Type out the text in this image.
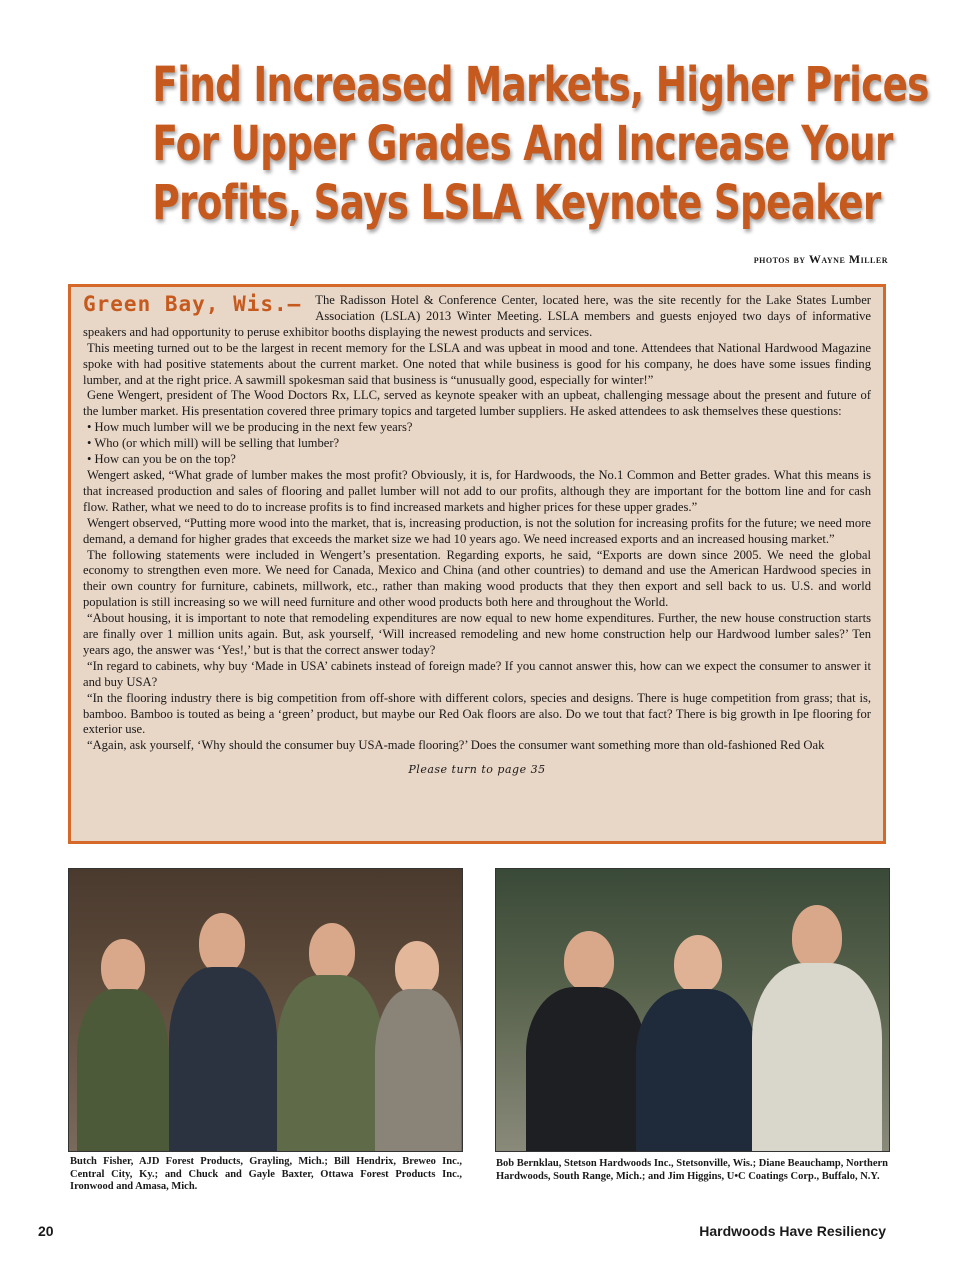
Find Increased Markets, Higher Prices
For Upper Grades And Increase Your
Profits, Says LSLA Keynote Speaker
photos by Wayne Miller
Green Bay, Wis.–	The Radisson Hotel & Conference Center, located here, was the site recently for the Lake States Lumber Association (LSLA) 2013 Winter Meeting. LSLA members and guests enjoyed two days of informative speakers and had opportunity to peruse exhibitor booths displaying the newest products and services.

This meeting turned out to be the largest in recent memory for the LSLA and was upbeat in mood and tone. Attendees that National Hardwood Magazine spoke with had positive statements about the current market. One noted that while business is good for his company, he does have some issues finding lumber, and at the right price. A sawmill spokesman said that business is “unusually good, especially for winter!”

Gene Wengert, president of The Wood Doctors Rx, LLC, served as keynote speaker with an upbeat, challenging message about the present and future of the lumber market. His presentation covered three primary topics and targeted lumber suppliers. He asked attendees to ask themselves these questions:

• How much lumber will we be producing in the next few years?

• Who (or which mill) will be selling that lumber?

• How can you be on the top?

Wengert asked, “What grade of lumber makes the most profit? Obviously, it is, for Hardwoods, the No.1 Common and Better grades. What this means is that increased production and sales of flooring and pallet lumber will not add to our profits, although they are important for the bottom line and for cash flow. Rather, what we need to do to increase profits is to find increased markets and higher prices for these upper grades.”

Wengert observed, “Putting more wood into the market, that is, increasing production, is not the solution for increasing profits for the future; we need more demand, a demand for higher grades that exceeds the market size we had 10 years ago. We need increased exports and an increased housing market.”

The following statements were included in Wengert’s presentation. Regarding exports, he said, “Exports are down since 2005. We need the global economy to strengthen even more. We need for Canada, Mexico and China (and other countries) to demand and use the American Hardwood species in their own country for furniture, cabinets, millwork, etc., rather than making wood products that they then export and sell back to us. U.S. and world population is still increasing so we will need furniture and other wood products both here and throughout the World.

“About housing, it is important to note that remodeling expenditures are now equal to new home expenditures. Further, the new house construction starts are finally over 1 million units again. But, ask yourself, ‘Will increased remodeling and new home construction help our Hardwood lumber sales?’ Ten years ago, the answer was ‘Yes!,’ but is that the correct answer today?

“In regard to cabinets, why buy ‘Made in USA’ cabinets instead of foreign made? If you cannot answer this, how can we expect the consumer to answer it and buy USA?

“In the flooring industry there is big competition from off-shore with different colors, species and designs. There is huge competition from grass; that is, bamboo. Bamboo is touted as being a ‘green’ product, but maybe our Red Oak floors are also. Do we tout that fact? There is big growth in Ipe flooring for exterior use.

“Again, ask yourself, ‘Why should the consumer buy USA-made flooring?’ Does the consumer want something more than old-fashioned Red Oak

Please turn to page 35
Butch Fisher, AJD Forest Products, Grayling, Mich.; Bill Hendrix, Breweo Inc., Central City, Ky.; and Chuck and Gayle Baxter, Ottawa Forest Products Inc., Ironwood and Amasa, Mich.
Bob Bernklau, Stetson Hardwoods Inc., Stetsonville, Wis.; Diane Beauchamp, Northern Hardwoods, South Range, Mich.; and Jim Higgins, U•C Coatings Corp., Buffalo, N.Y.
20	Hardwoods Have Resiliency
